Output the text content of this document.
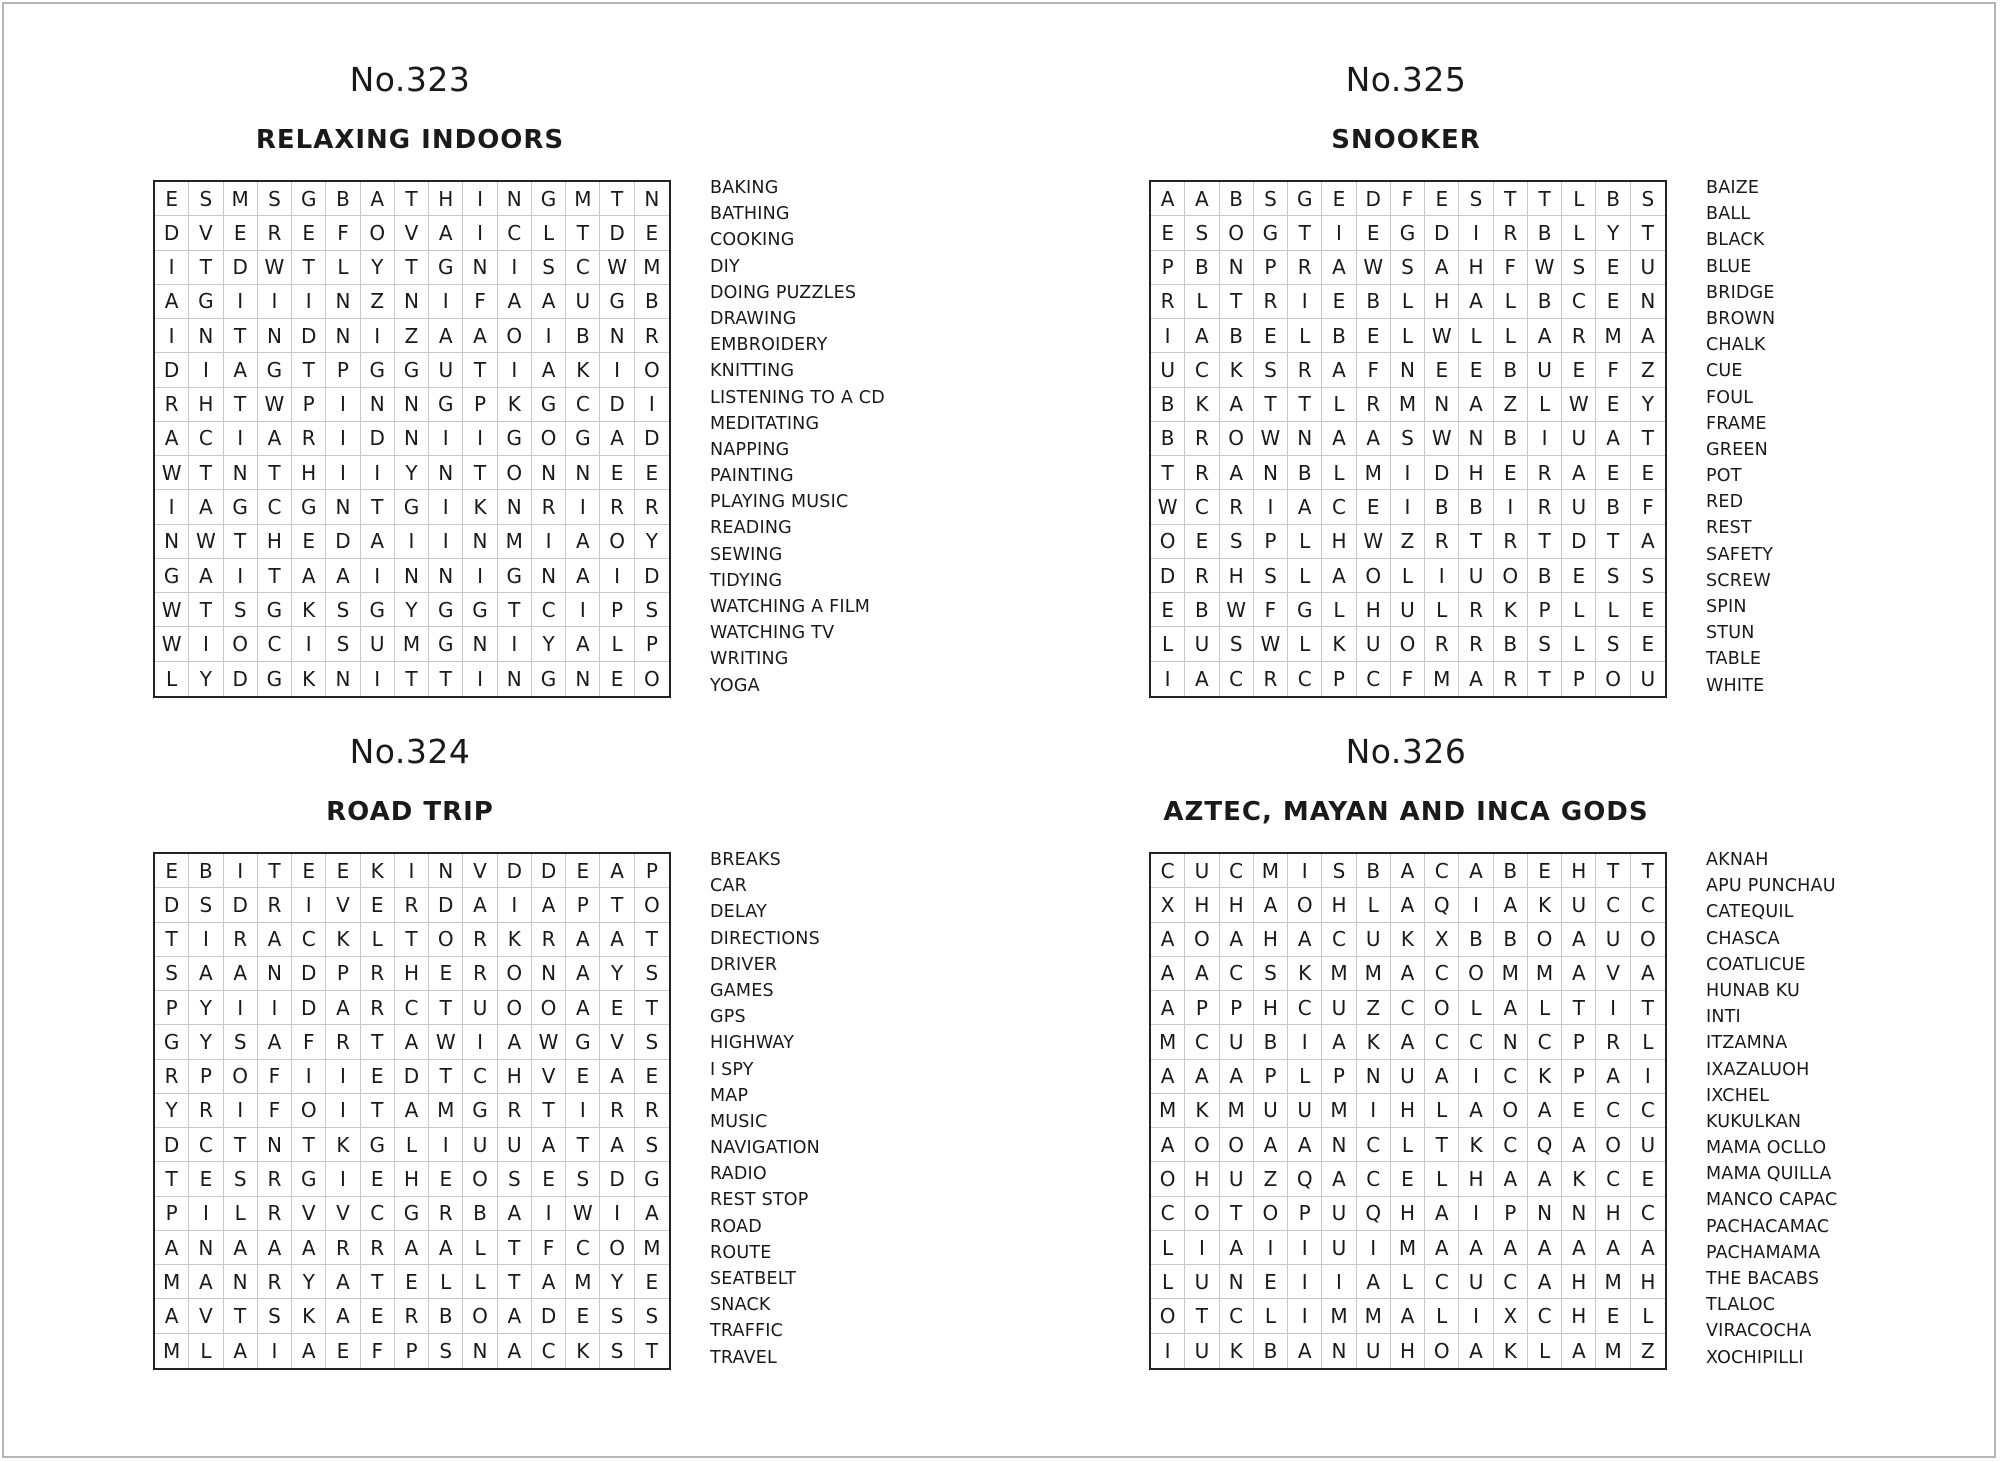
No.323
RELAXING INDOORS
E	S M S	G B	A	T	H	I	N G M T	N
D V	E	R	E	F	O V	A	I	C	L	T	D	E
I	T	D W T	L	Y	T	G N	I	S	C W M
A G	I	I	I	N Z N	I	F	A	A	U G	B
I	N	T	N D N	I	Z	A	A O	I	B N	R
D	I	A G	T	P	G G U	T	I	A	K	I	O
R H	T W P	I	N N G	P	K G C D	I
A	C	I	A	R	I	D N	I	I	G O G A	D
W T	N	T	H	I	I	Y	N	T	O N N	E	E
I	A G C G N	T	G	I	K	N R	I	R	R
N W T	H	E	D A	I	I	N M	I	A O	Y
G A	I	T	A	A	I	N N	I	G N A	I	D
W T	S	G K	S	G	Y	G G	T	C	I	P	S
W	I	O C	I	S	U M G N	I	Y	A	L	P
L	Y	D G K	N	I	T	T	I	N G N	E	O
BAKING
BATHING
COOKING
DIY
DOING PUZZLES
DRAWING
EMBROIDERY
KNITTING
LISTENING TO A CD
MEDITATING
NAPPING
PAINTING
PLAYING MUSIC
READING
SEWING
TIDYING
WATCHING A FILM
WATCHING TV
WRITING
YOGA
No.325
SNOOKER
A	A	B	S	G	E	D	F	E	S	T	T	L	B	S
E	S	O G	T	I	E	G D	I	R	B	L	Y	T
P	B N	P	R	A W S	A H	F W S	E	U
R	L	T	R	I	E	B	L	H A	L	B	C	E	N
I	A	B	E	L	B	E	L W L	L	A	R M A
U C	K	S	R	A	F	N	E	E	B	U	E	F	Z
B	K	A	T	T	L	R M N A	Z	L W E	Y
B	R O W N A	A	S W N B	I	U	A	T
T	R	A N B	L	M	I	D H	E	R	A	E	E
W C	R	I	A	C	E	I	B	B	I	R	U	B	F
O	E	S	P	L	H W Z	R	T	R	T	D	T	A
D R H	S	L	A O	L	I	U O B	E	S	S
E	B W F	G	L	H U	L	R	K	P	L	L	E
L	U	S W L	K	U O R	R	B	S	L	S	E
I	A	C	R	C	P	C	F M A	R	T	P	O U
BAIZE
BALL
BLACK
BLUE
BRIDGE
BROWN
CHALK
CUE
FOUL
FRAME
GREEN
POT
RED
REST
SAFETY
SCREW
SPIN
STUN
TABLE
WHITE
No.324
ROAD TRIP
E	B	I	T	E	E	K	I	N V D D	E	A	P
D	S	D R	I	V	E	R D A	I	A	P	T	O
T	I	R	A	C	K	L	T	O R	K	R	A	A	T
S	A	A N D	P	R H	E	R O N A	Y	S
P	Y	I	I	D A	R	C	T	U O O A	E	T
G	Y	S	A	F	R	T	A W	I	A W G V	S
R	P	O	F	I	I	E	D	T	C H V	E	A	E
Y	R	I	F	O	I	T	A M G R	T	I	R	R
D C	T	N	T	K G	L	I	U U	A	T	A	S
T	E	S	R G	I	E	H	E	O	S	E	S	D G
P	I	L	R	V	V	C G R	B	A	I	W	I	A
A N A	A	A	R	R	A	A	L	T	F	C O M
M A N R	Y	A	T	E	L	L	T	A M Y	E
A	V	T	S	K	A	E	R	B O A D	E	S	S
M	L	A	I	A	E	F	P	S	N A	C	K	S	T
BREAKS
CAR
DELAY
DIRECTIONS
DRIVER
GAMES
GPS
HIGHWAY
I SPY
MAP
MUSIC
NAVIGATION
RADIO
REST STOP
ROAD
ROUTE
SEATBELT
SNACK
TRAFFIC
TRAVEL
No.326
AZTEC, MAYAN AND INCA GODS
C U C M	I	S	B	A	C	A	B	E	H	T	T
X H H A O H	L	A Q	I	A	K	U C	C
A O A H A	C U	K	X	B	B O A	U O
A	A	C	S	K M M A	C O M M A	V	A
A	P	P	H C U	Z	C O	L	A	L	T	I	T
M C U	B	I	A	K	A	C	C N C	P	R	L
A	A	A	P	L	P	N U	A	I	C	K	P	A	I
M K M U U M	I	H	L	A O A	E	C	C
A O O A	A N C	L	T	K	C Q A O U
O H U	Z Q A	C	E	L	H A	A	K	C	E
C O	T	O	P	U Q H A	I	P	N N H	C
L	I	A	I	I	U	I	M A	A	A	A	A	A	A
L	U N	E	I	I	A	L	C U C	A H M H
O	T	C	L	I	M M A	L	I	X	C H	E	L
I	U	K	B	A N U H O A	K	L	A M Z
AKNAH
APU PUNCHAU
CATEQUIL
CHASCA
COATLICUE
HUNAB KU
INTI
ITZAMNA
IXAZALUOH
IXCHEL
KUKULKAN
MAMA OCLLO
MAMA QUILLA
MANCO CAPAC
PACHACAMAC
PACHAMAMA
THE BACABS
TLALOC
VIRACOCHA
XOCHIPILLI
